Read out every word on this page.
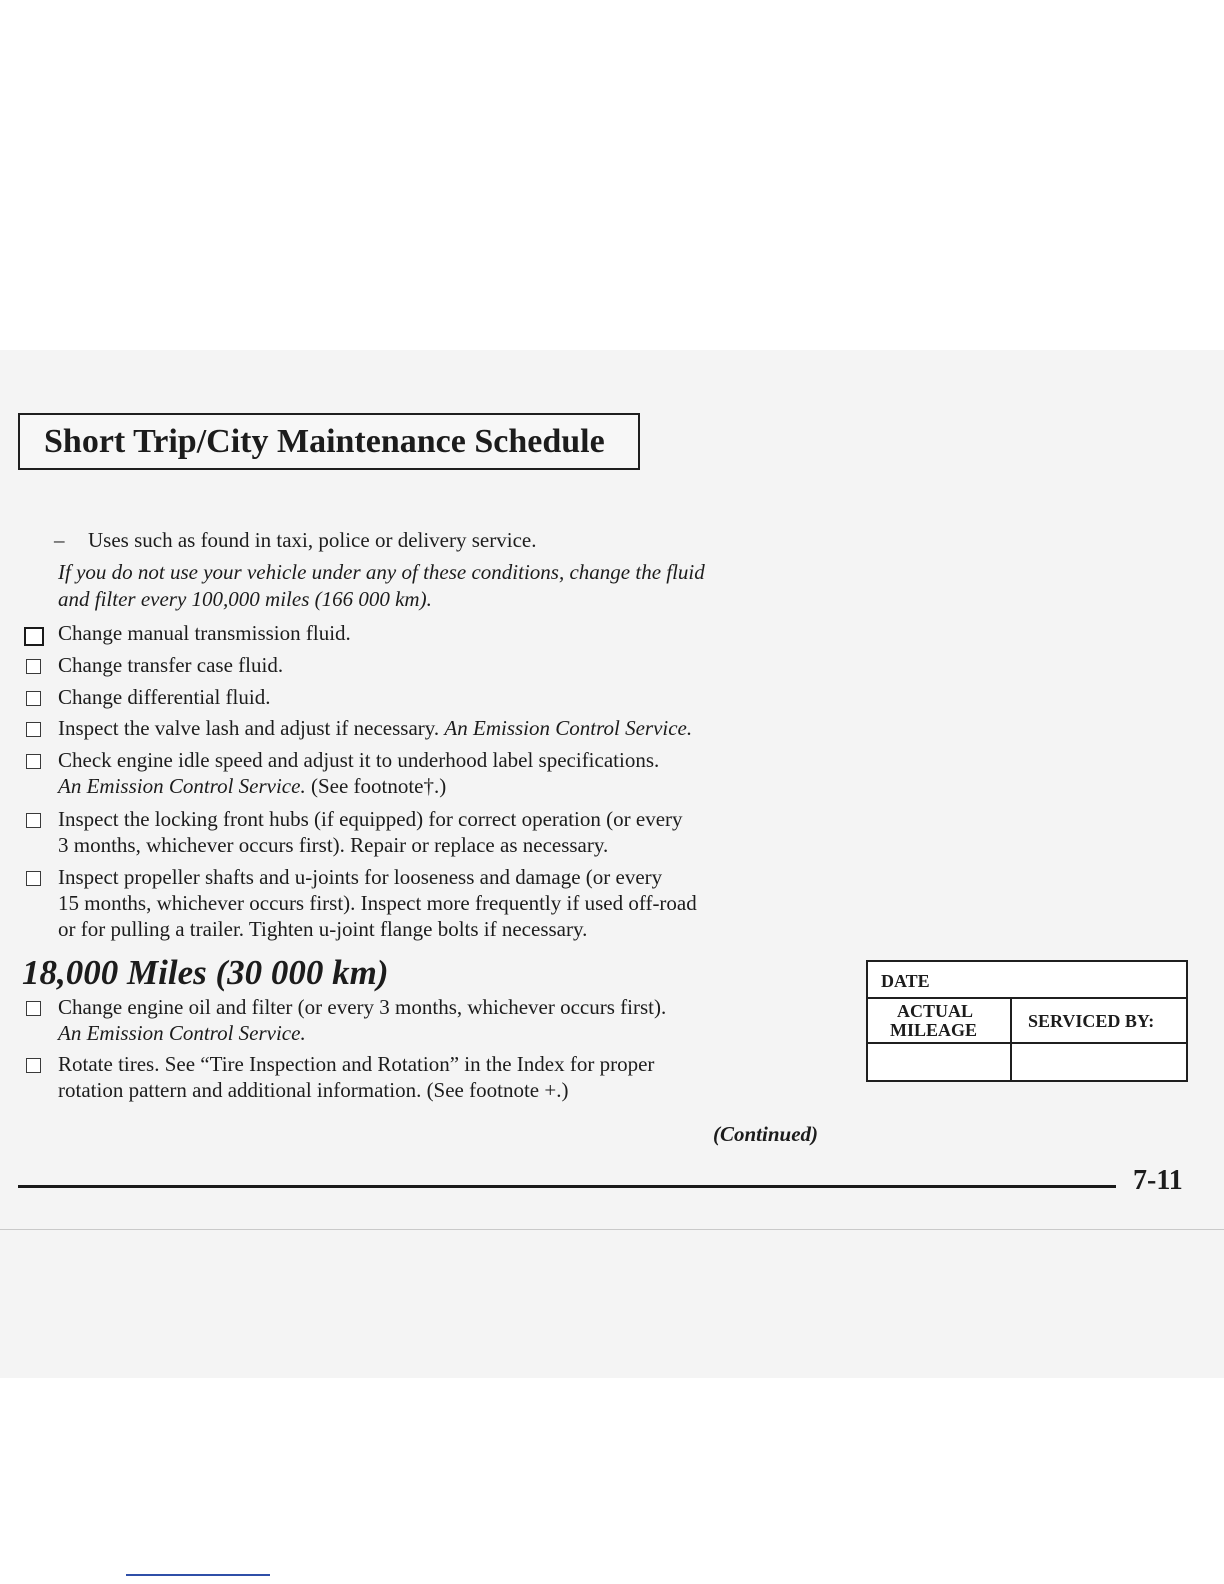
Short Trip/City Maintenance Schedule
– Uses such as found in taxi, police or delivery service.
If you do not use your vehicle under any of these conditions, change the fluid
and filter every 100,000 miles (166 000 km).
Change manual transmission fluid.
Change transfer case fluid.
Change differential fluid.
Inspect the valve lash and adjust if necessary. An Emission Control Service.
Check engine idle speed and adjust it to underhood label specifications.
An Emission Control Service. (See footnote†.)
Inspect the locking front hubs (if equipped) for correct operation (or every
3 months, whichever occurs first). Repair or replace as necessary.
Inspect propeller shafts and u-joints for looseness and damage (or every
15 months, whichever occurs first). Inspect more frequently if used off-road
or for pulling a trailer. Tighten u-joint flange bolts if necessary.
18,000 Miles (30 000 km)
Change engine oil and filter (or every 3 months, whichever occurs first).
An Emission Control Service.
Rotate tires. See “Tire Inspection and Rotation” in the Index for proper
rotation pattern and additional information. (See footnote +.)
DATE
ACTUAL
MILEAGE	SERVICED BY:
(Continued)
7-11
